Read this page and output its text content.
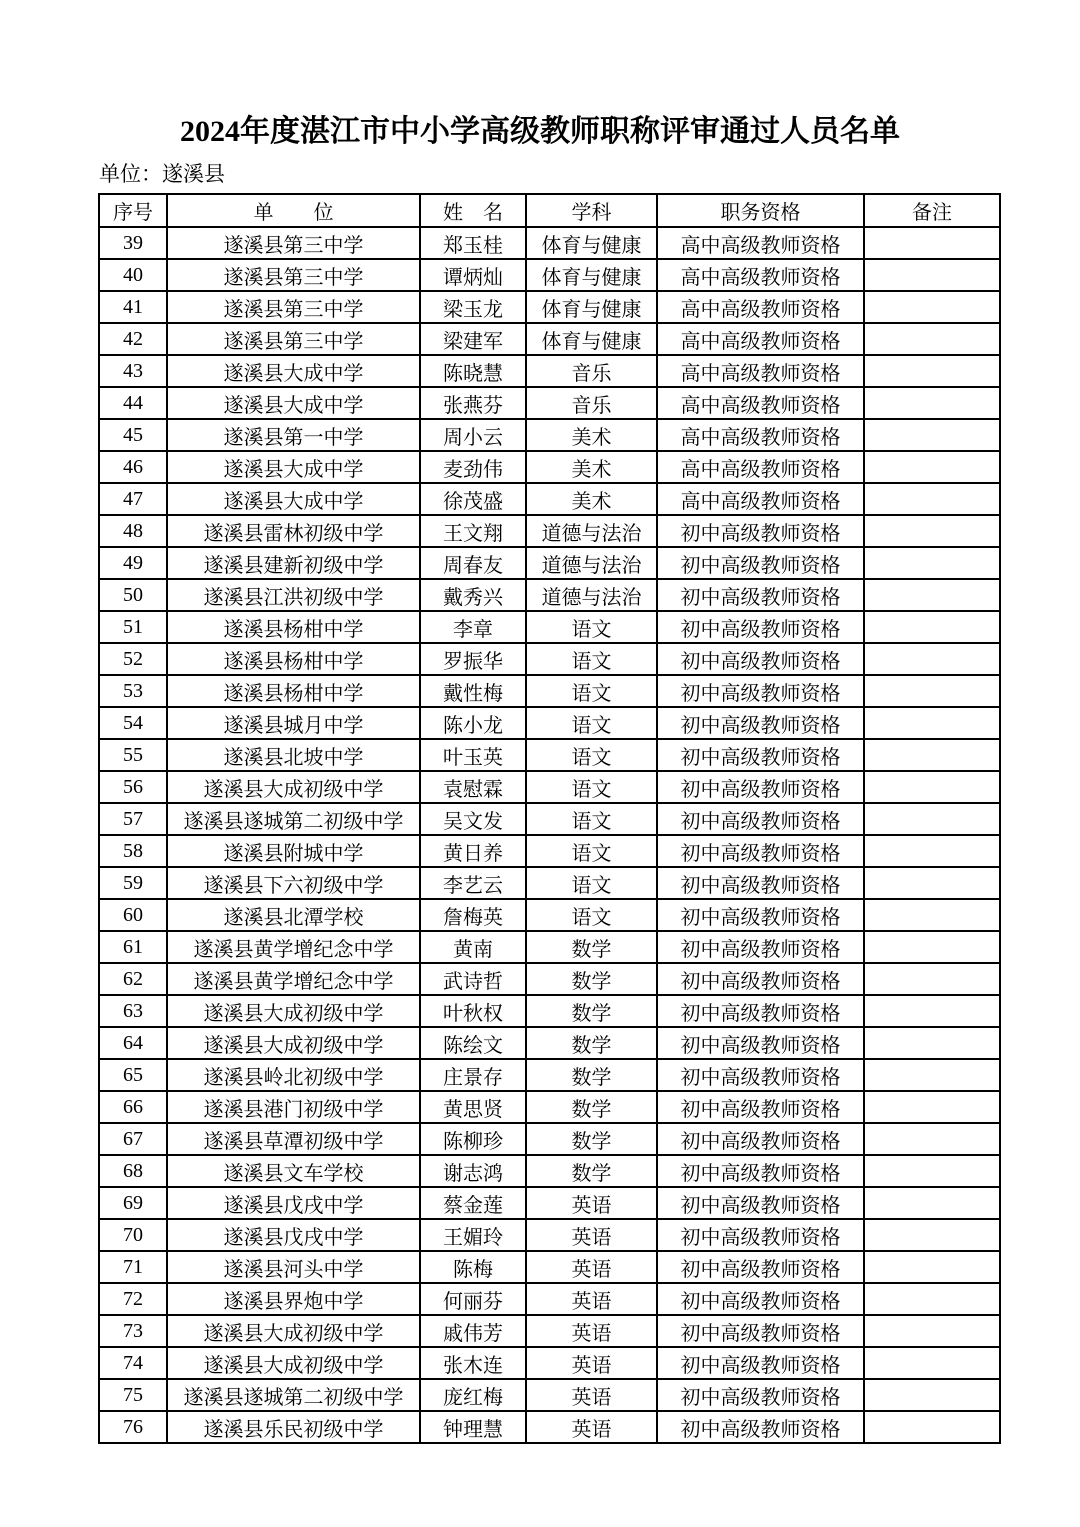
2024年度湛江市中小学高级教师职称评审通过人员名单
单位：遂溪县
序号	单　　位	姓　名	学科	职务资格	备注
39	遂溪县第三中学	郑玉桂	体育与健康	高中高级教师资格	
40	遂溪县第三中学	谭炳灿	体育与健康	高中高级教师资格	
41	遂溪县第三中学	梁玉龙	体育与健康	高中高级教师资格	
42	遂溪县第三中学	梁建军	体育与健康	高中高级教师资格	
43	遂溪县大成中学	陈晓慧	音乐	高中高级教师资格	
44	遂溪县大成中学	张燕芬	音乐	高中高级教师资格	
45	遂溪县第一中学	周小云	美术	高中高级教师资格	
46	遂溪县大成中学	麦劲伟	美术	高中高级教师资格	
47	遂溪县大成中学	徐茂盛	美术	高中高级教师资格	
48	遂溪县雷林初级中学	王文翔	道德与法治	初中高级教师资格	
49	遂溪县建新初级中学	周春友	道德与法治	初中高级教师资格	
50	遂溪县江洪初级中学	戴秀兴	道德与法治	初中高级教师资格	
51	遂溪县杨柑中学	李章	语文	初中高级教师资格	
52	遂溪县杨柑中学	罗振华	语文	初中高级教师资格	
53	遂溪县杨柑中学	戴性梅	语文	初中高级教师资格	
54	遂溪县城月中学	陈小龙	语文	初中高级教师资格	
55	遂溪县北坡中学	叶玉英	语文	初中高级教师资格	
56	遂溪县大成初级中学	袁慰霖	语文	初中高级教师资格	
57	遂溪县遂城第二初级中学	吴文发	语文	初中高级教师资格	
58	遂溪县附城中学	黄日养	语文	初中高级教师资格	
59	遂溪县下六初级中学	李艺云	语文	初中高级教师资格	
60	遂溪县北潭学校	詹梅英	语文	初中高级教师资格	
61	遂溪县黄学增纪念中学	黄南	数学	初中高级教师资格	
62	遂溪县黄学增纪念中学	武诗哲	数学	初中高级教师资格	
63	遂溪县大成初级中学	叶秋权	数学	初中高级教师资格	
64	遂溪县大成初级中学	陈绘文	数学	初中高级教师资格	
65	遂溪县岭北初级中学	庄景存	数学	初中高级教师资格	
66	遂溪县港门初级中学	黄思贤	数学	初中高级教师资格	
67	遂溪县草潭初级中学	陈柳珍	数学	初中高级教师资格	
68	遂溪县文车学校	谢志鸿	数学	初中高级教师资格	
69	遂溪县戊戌中学	蔡金莲	英语	初中高级教师资格	
70	遂溪县戊戌中学	王媚玲	英语	初中高级教师资格	
71	遂溪县河头中学	陈梅	英语	初中高级教师资格	
72	遂溪县界炮中学	何丽芬	英语	初中高级教师资格	
73	遂溪县大成初级中学	戚伟芳	英语	初中高级教师资格	
74	遂溪县大成初级中学	张木连	英语	初中高级教师资格	
75	遂溪县遂城第二初级中学	庞红梅	英语	初中高级教师资格	
76	遂溪县乐民初级中学	钟理慧	英语	初中高级教师资格	
